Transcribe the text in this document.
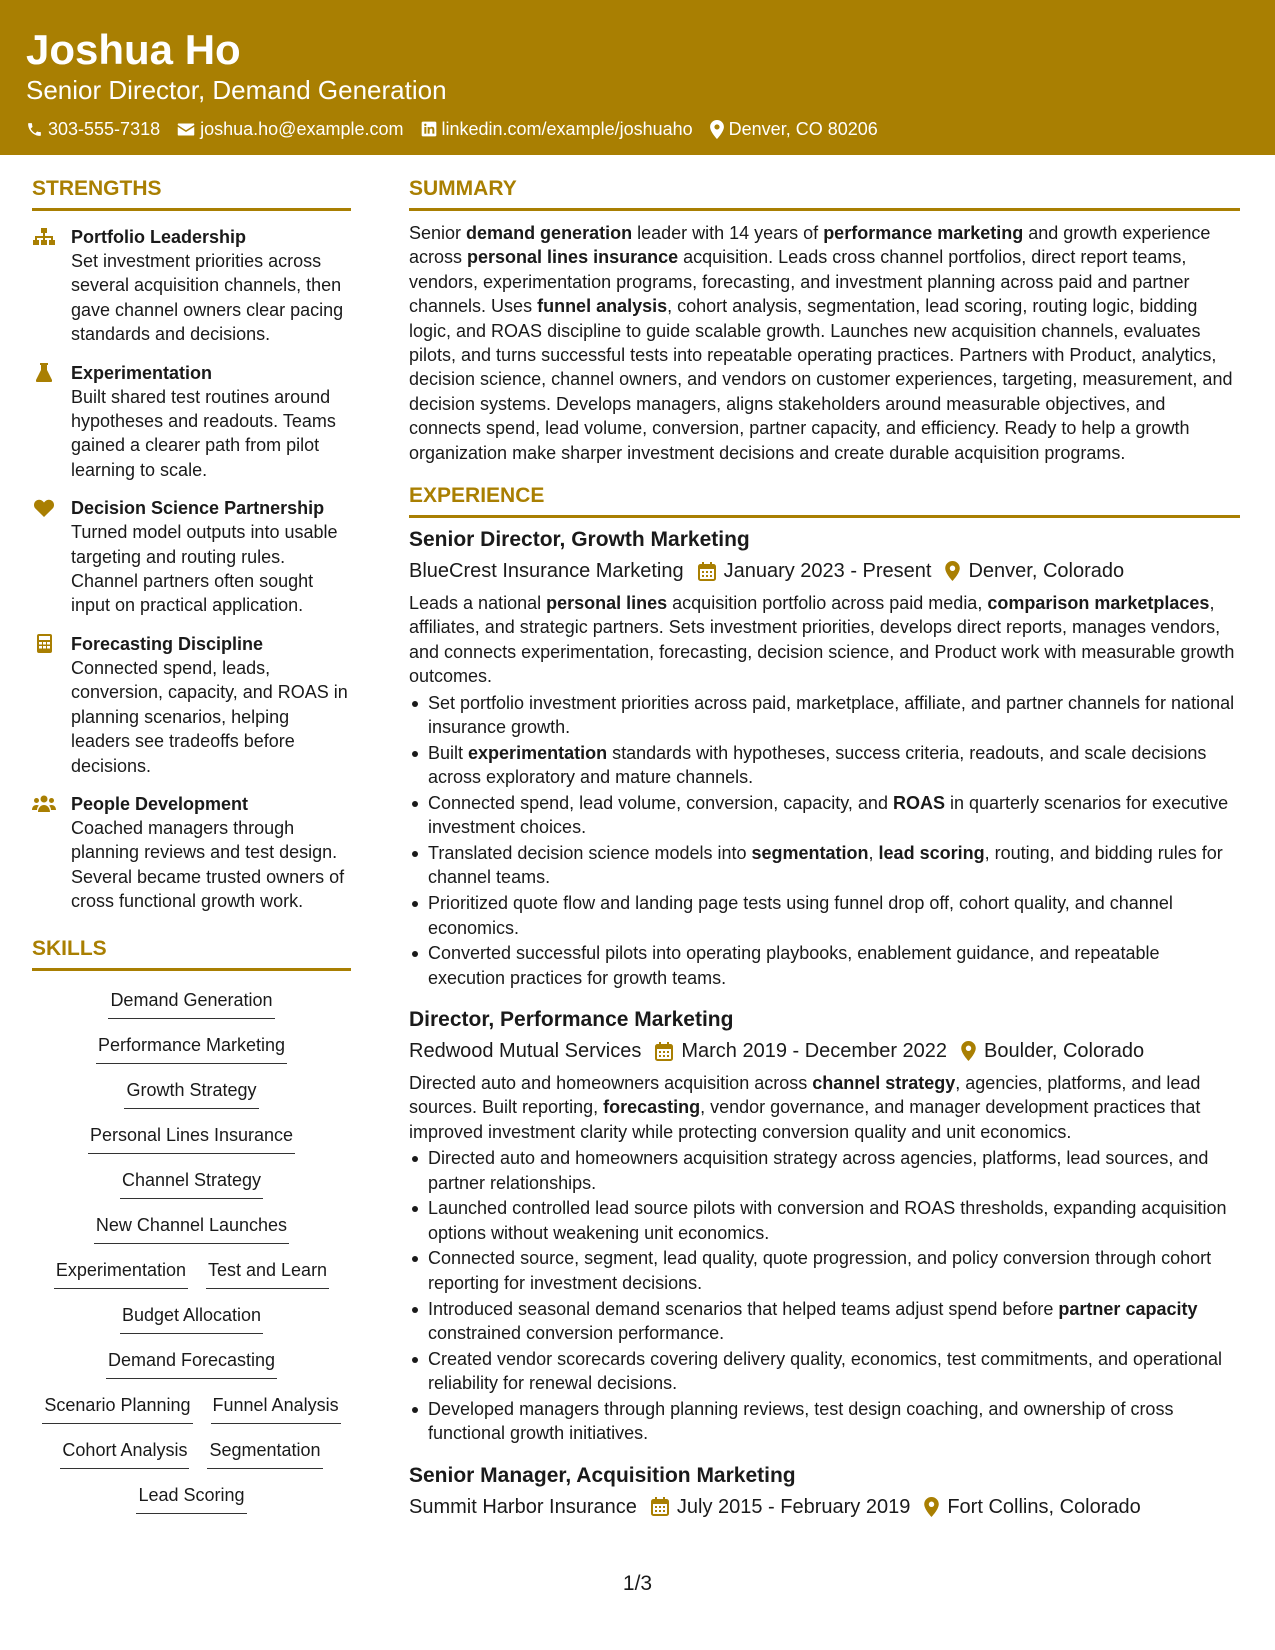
Joshua Ho
Senior Director, Demand Generation
303-555-7318 joshua.ho@example.com linkedin.com/example/joshuaho Denver, CO 80206
STRENGTHS
Portfolio Leadership
Set investment priorities across several acquisition channels, then gave channel owners clear pacing standards and decisions.
Experimentation
Built shared test routines around hypotheses and readouts. Teams gained a clearer path from pilot learning to scale.
Decision Science Partnership
Turned model outputs into usable targeting and routing rules. Channel partners often sought input on practical application.
Forecasting Discipline
Connected spend, leads, conversion, capacity, and ROAS in planning scenarios, helping leaders see tradeoffs before decisions.
People Development
Coached managers through planning reviews and test design. Several became trusted owners of cross functional growth work.
SKILLS
Demand Generation
Performance Marketing
Growth Strategy
Personal Lines Insurance
Channel Strategy
New Channel Launches
Experimentation Test and Learn
Budget Allocation
Demand Forecasting
Scenario Planning Funnel Analysis
Cohort Analysis Segmentation
Lead Scoring
SUMMARY
Senior demand generation leader with 14 years of performance marketing and growth experience across personal lines insurance acquisition. Leads cross channel portfolios, direct report teams, vendors, experimentation programs, forecasting, and investment planning across paid and partner channels. Uses funnel analysis, cohort analysis, segmentation, lead scoring, routing logic, bidding logic, and ROAS discipline to guide scalable growth. Launches new acquisition channels, evaluates pilots, and turns successful tests into repeatable operating practices. Partners with Product, analytics, decision science, channel owners, and vendors on customer experiences, targeting, measurement, and decision systems. Develops managers, aligns stakeholders around measurable objectives, and connects spend, lead volume, conversion, partner capacity, and efficiency. Ready to help a growth organization make sharper investment decisions and create durable acquisition programs.
EXPERIENCE
Senior Director, Growth Marketing
BlueCrest Insurance Marketing January 2023 - Present Denver, Colorado
Leads a national personal lines acquisition portfolio across paid media, comparison marketplaces, affiliates, and strategic partners. Sets investment priorities, develops direct reports, manages vendors, and connects experimentation, forecasting, decision science, and Product work with measurable growth outcomes.
Set portfolio investment priorities across paid, marketplace, affiliate, and partner channels for national insurance growth.
Built experimentation standards with hypotheses, success criteria, readouts, and scale decisions across exploratory and mature channels.
Connected spend, lead volume, conversion, capacity, and ROAS in quarterly scenarios for executive investment choices.
Translated decision science models into segmentation, lead scoring, routing, and bidding rules for channel teams.
Prioritized quote flow and landing page tests using funnel drop off, cohort quality, and channel economics.
Converted successful pilots into operating playbooks, enablement guidance, and repeatable execution practices for growth teams.
Director, Performance Marketing
Redwood Mutual Services March 2019 - December 2022 Boulder, Colorado
Directed auto and homeowners acquisition across channel strategy, agencies, platforms, and lead sources. Built reporting, forecasting, vendor governance, and manager development practices that improved investment clarity while protecting conversion quality and unit economics.
Directed auto and homeowners acquisition strategy across agencies, platforms, lead sources, and partner relationships.
Launched controlled lead source pilots with conversion and ROAS thresholds, expanding acquisition options without weakening unit economics.
Connected source, segment, lead quality, quote progression, and policy conversion through cohort reporting for investment decisions.
Introduced seasonal demand scenarios that helped teams adjust spend before partner capacity constrained conversion performance.
Created vendor scorecards covering delivery quality, economics, test commitments, and operational reliability for renewal decisions.
Developed managers through planning reviews, test design coaching, and ownership of cross functional growth initiatives.
Senior Manager, Acquisition Marketing
Summit Harbor Insurance July 2015 - February 2019 Fort Collins, Colorado
1/3
